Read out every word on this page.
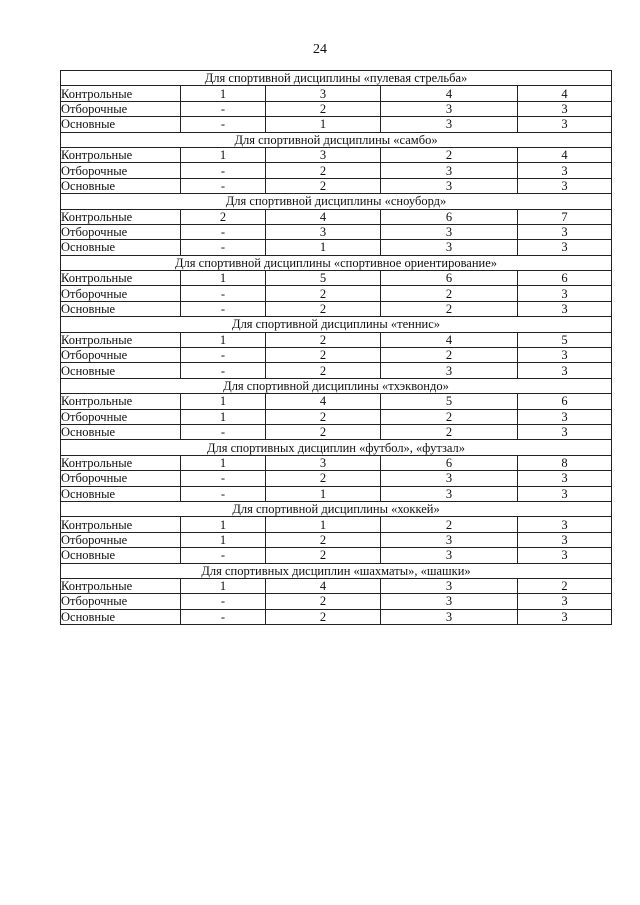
24
Для спортивной дисциплины «пулевая стрельба»				
Контрольные	1	3	4	4
Отборочные	-	2	3	3
Основные	-	1	3	3
Для спортивной дисциплины «самбо»				
Контрольные	1	3	2	4
Отборочные	-	2	3	3
Основные	-	2	3	3
Для спортивной дисциплины «сноуборд»				
Контрольные	2	4	6	7
Отборочные	-	3	3	3
Основные	-	1	3	3
Для спортивной дисциплины «спортивное ориентирование»				
Контрольные	1	5	6	6
Отборочные	-	2	2	3
Основные	-	2	2	3
Для спортивной дисциплины «теннис»				
Контрольные	1	2	4	5
Отборочные	-	2	2	3
Основные	-	2	3	3
Для спортивной дисциплины «тхэквондо»				
Контрольные	1	4	5	6
Отборочные	1	2	2	3
Основные	-	2	2	3
Для спортивных дисциплин «футбол», «футзал»				
Контрольные	1	3	6	8
Отборочные	-	2	3	3
Основные	-	1	3	3
Для спортивной дисциплины «хоккей»				
Контрольные	1	1	2	3
Отборочные	1	2	3	3
Основные	-	2	3	3
Для спортивных дисциплин «шахматы», «шашки»				
Контрольные	1	4	3	2
Отборочные	-	2	3	3
Основные	-	2	3	3
